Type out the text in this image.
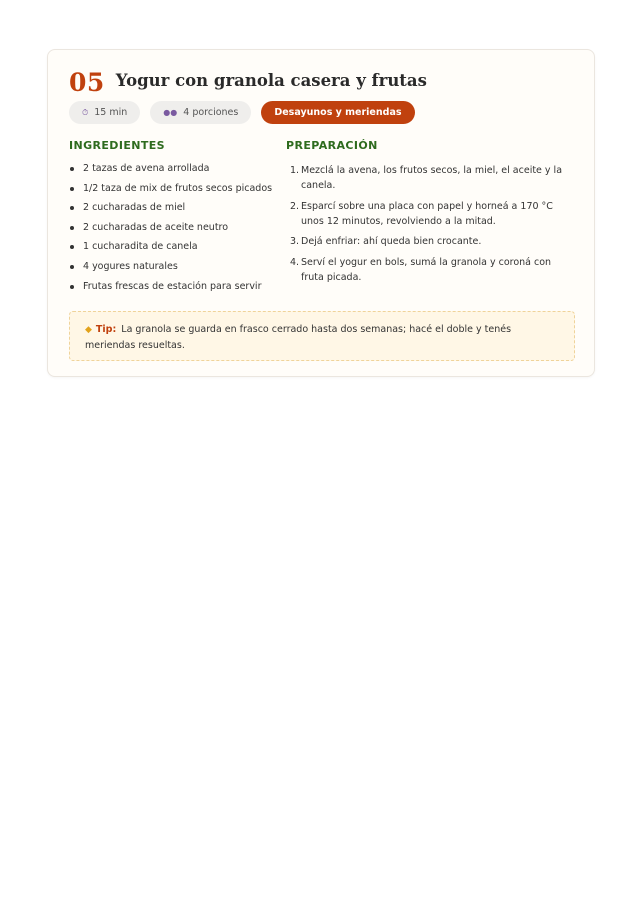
05 Yogur con granola casera y frutas
⏱ 15 min	●● 4 porciones	Desayunos y meriendas
INGREDIENTES	PREPARACIÓN
2 tazas de avena arrollada
1/2 taza de mix de frutos secos picados
2 cucharadas de miel
2 cucharadas de aceite neutro
1 cucharadita de canela
4 yogures naturales
Frutas frescas de estación para servir
1. Mezclá la avena, los frutos secos, la miel, el aceite y la canela.
2. Esparcí sobre una placa con papel y horneá a 170 °C unos 12 minutos, revolviendo a la mitad.
3. Dejá enfriar: ahí queda bien crocante.
4. Serví el yogur en bols, sumá la granola y coroná con fruta picada.
◆ Tip: La granola se guarda en frasco cerrado hasta dos semanas; hacé el doble y tenés meriendas resueltas.
